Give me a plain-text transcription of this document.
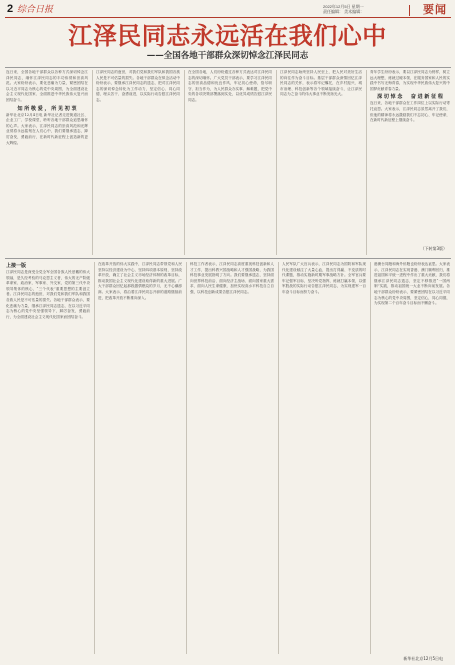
2 综合日报	2022年12月5日 星期一
责任编辑： 美术编辑：	要闻
江泽民同志永远活在我们心中
——全国各地干部群众深切悼念江泽民同志

连日来，全国各地干部群众以各种方式深切悼念江泽民同志，缅怀江泽民同志的丰功伟绩和崇高风范。大家纷纷表示，要化悲痛为力量，紧密团结在以习近平同志为核心的党中央周围，为全面建设社会主义现代化国家、全面推进中华民族伟大复兴而团结奋斗。

知 所 敬 爱 ， 所 见 初 衷

新华社北京12月4日电 新华社记者走进街道社区、企业工厂、学校课堂，聆听各地干部群众追思缅怀的心声。大家表示，江泽民同志的崇高风范和光辉业绩将永远铭刻在人们心中，我们要继承遗志，踔厉奋发，勇毅前行，在新时代新征程上创造新的更大辉煌。

江泽民同志的逝世，对我们党和我们军队和我国各族人民是不可估量的损失。各地干部群众在悼念活动中纷纷表示，要继承江泽民同志的遗志，把对江泽民同志的深切悼念转化为工作动力，坚定信心、同心同德，埋头苦干、奋勇前进，以实际行动告慰江泽民同志。

在全国各地，人们纷纷通过各种方式表达对江泽民同志的深切缅怀。广大党员干部表示，要学习江泽民同志的崇高品德和优良作风，牢记初心使命，恪尽职守、担当作为，为人民群众办实事、解难题，把党中央的各项决策部署落到实处，以优异成绩告慰江泽民同志。

江泽民同志始终坚持人民至上，把人民对美好生活的向往作为奋斗目标。基层干部群众深情回忆江泽民同志的关怀，表示将牢记嘱托，在乡村振兴、城市治理、科技创新等各个领域接续奋斗，让江泽民同志为之奋斗的伟大事业不断发扬光大。

青年学生纷纷表示，要以江泽民同志为榜样，树立远大理想，练就过硬本领，在服务国家和人民的实践中书写无悔青春，为实现中华民族伟大复兴的中国梦贡献青春力量。

深 切 悼 念 　 奋 进 新 征 程

连日来，各地干部群众在工作岗位上以实际行动寄托哀思。大家表示，江泽民同志虽然离开了我们，但他的精神将永远激励我们不忘初心、牢记使命，在新时代新征程上继续奋斗。

（下转第3版）
上接一版

江泽民同志是深受全党全军全国各族人民爱戴的伟大领袖，是久经考验的马克思主义者，伟大的无产阶级革命家、政治家、军事家、外交家，党的第三代中央领导集体的核心，“三个代表”重要思想的主要创立者。江泽民同志的逝世，对我们党和我们军队和我国各族人民是不可估量的损失。各地干部群众表示，要化悲痛为力量，继承江泽民同志遗志，在以习近平同志为核心的党中央坚强领导下，踔厉奋发，勇毅前行，为全面建设社会主义现代化国家而团结奋斗。

在改革开放的伟大实践中，江泽民同志带领党和人民坚持以经济建设为中心，坚持四项基本原则，坚持改革开放，确立了社会主义市场经济体制的改革目标，推动我国社会主义现代化建设取得新的重大进展。广大干部群众回忆起那段激情燃烧的岁月，无不心潮澎湃。大家表示，将沿着江泽民同志开辟的道路继续前进，把改革开放不断推向深入。

科技工作者表示，江泽民同志高度重视科技创新和人才工作，提出科教兴国战略和人才强国战略，为我国科技事业发展指明了方向。我们要继承遗志，坚持面向世界科技前沿、面向经济主战场、面向国家重大需求、面向人民生命健康，加快实现高水平科技自立自强，以科技创新成果告慰江泽民同志。

人民军队广大官兵表示，江泽民同志为国防和军队现代化建设倾注了大量心血，提出打得赢、不变质的时代课题，推动实施新时期军事战略方针。全军官兵要牢记强军目标，坚决听党指挥，练就打赢本领，以强军胜战的实际行动告慰江泽民同志，为实现建军一百年奋斗目标而努力奋斗。

港澳台同胞和海外侨胞也纷纷表达哀思。大家表示，江泽民同志在实现香港、澳门顺利回归，推进祖国和平统一进程中作出了重大贡献，我们将继承江泽民同志遗志，坚定不移推进“一国两制”实践，推动祖国统一大业不断向前发展。各地干部群众纷纷表示，要紧密团结在以习近平同志为核心的党中央周围，坚定信心，同心同德，为实现第二个百年奋斗目标而不懈奋斗。

新华社北京12月5日电
